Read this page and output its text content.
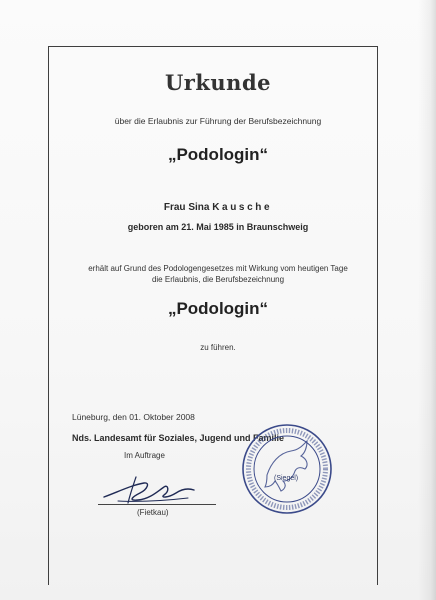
Urkunde
über die Erlaubnis zur Führung der Berufsbezeichnung
„Podologin“
Frau Sina Kausche
geboren am 21. Mai 1985 in Braunschweig
erhält auf Grund des Podologengesetzes mit Wirkung vom heutigen Tage
die Erlaubnis, die Berufsbezeichnung
„Podologin“
zu führen.
Lüneburg, den 01. Oktober 2008
Nds. Landesamt für Soziales, Jugend und Familie
Im Auftrage
(Fietkau)
(Siegel)
